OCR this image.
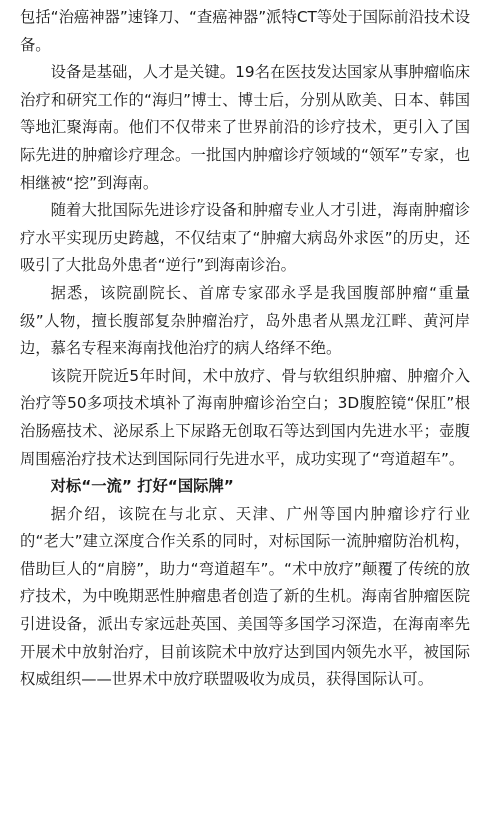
包括“治癌神器”速锋刀、“查癌神器”派特CT等处于国际前沿技术设备。

设备是基础，人才是关键。19名在医技发达国家从事肿瘤临床治疗和研究工作的“海归”博士、博士后，分别从欧美、日本、韩国等地汇聚海南。他们不仅带来了世界前沿的诊疗技术，更引入了国际先进的肿瘤诊疗理念。一批国内肿瘤诊疗领域的“领军”专家，也相继被“挖”到海南。

随着大批国际先进诊疗设备和肿瘤专业人才引进，海南肿瘤诊疗水平实现历史跨越，不仅结束了“肿瘤大病岛外求医”的历史，还吸引了大批岛外患者“逆行”到海南诊治。

据悉，该院副院长、首席专家邵永孚是我国腹部肿瘤“重量级”人物，擅长腹部复杂肿瘤治疗，岛外患者从黑龙江畔、黄河岸边，慕名专程来海南找他治疗的病人络绎不绝。

该院开院近5年时间，术中放疗、骨与软组织肿瘤、肿瘤介入治疗等50多项技术填补了海南肿瘤诊治空白；3D腹腔镜“保肛”根治肠癌技术、泌尿系上下尿路无创取石等达到国内先进水平；壶腹周围癌治疗技术达到国际同行先进水平，成功实现了“弯道超车”。

对标“一流” 打好“国际牌”

据介绍，该院在与北京、天津、广州等国内肿瘤诊疗行业的“老大”建立深度合作关系的同时，对标国际一流肿瘤防治机构，借助巨人的“肩膀”，助力“弯道超车”。“术中放疗”颠覆了传统的放疗技术，为中晚期恶性肿瘤患者创造了新的生机。海南省肿瘤医院引进设备，派出专家远赴英国、美国等多国学习深造，在海南率先开展术中放射治疗，目前该院术中放疗达到国内领先水平，被国际权威组织——世界术中放疗联盟吸收为成员，获得国际认可。
